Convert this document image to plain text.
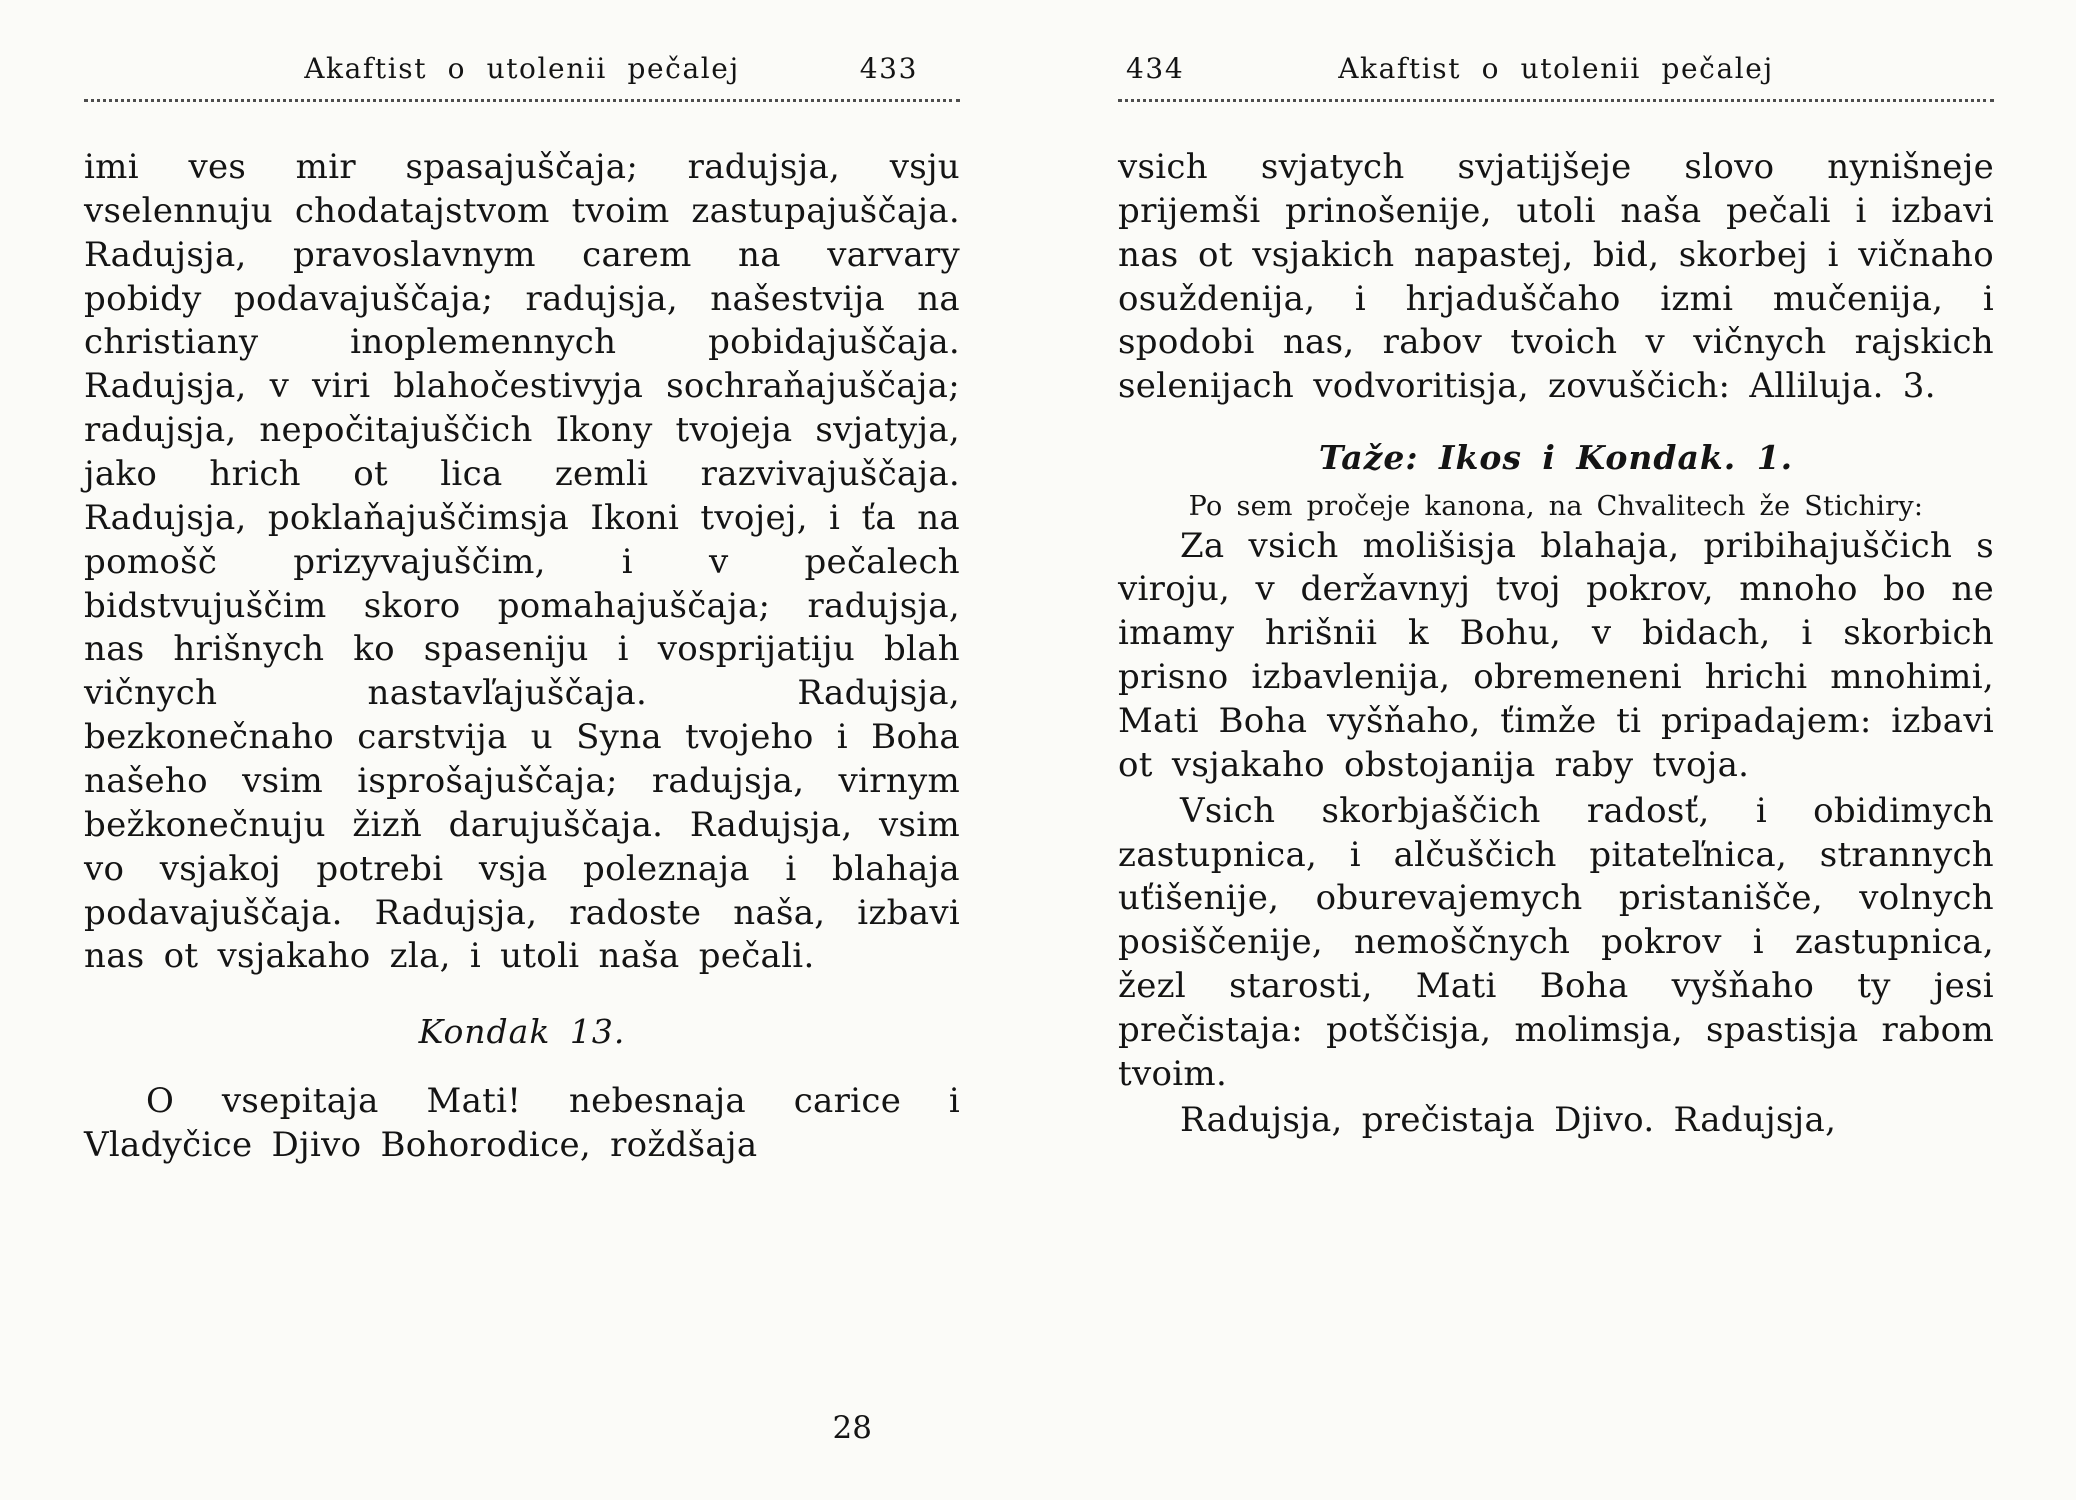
Akaftist o utolenii pečalej	433

imi ves mir spasajuščaja; radujsja, vsju vselennuju chodatajstvom tvoim zastupajuščaja. Radujsja, pravoslavnym carem na varvary pobidy podavajuščaja; radujsja, našestvija na christiany inoplemennych pobidajuščaja. Radujsja, v viri blahočestivyja sochraňajuščaja; radujsja, nepočitajuščich Ikony tvojeja svjatyja, jako hrich ot lica zemli razvivajuščaja. Radujsja, poklaňajuščimsja Ikoni tvojej, i ťa na pomošč prizyvajuščim, i v pečalech bidstvujuščim skoro pomahajuščaja; radujsja, nas hrišnych ko spaseniju i vosprijatiju blah vičnych nastavľajuščaja. Radujsja, bezkonečnaho carstvija u Syna tvojeho i Boha našeho vsim isprošajuščaja; radujsja, virnym bežkonečnuju žizň darujuščaja. Radujsja, vsim vo vsjakoj potrebi vsja poleznaja i blahaja podavajuščaja. Radujsja, radoste naša, izbavi nas ot vsjakaho zla, i utoli naša pečali.

Kondak 13.

O vsepitaja Mati! nebesnaja carice i Vladyčice Djivo Bohorodice, roždšaja

28
434	Akaftist o utolenii pečalej

vsich svjatych svjatijšeje slovo nynišneje prijemši prinošenije, utoli naša pečali i izbavi nas ot vsjakich napastej, bid, skorbej i vičnaho osuždenija, i hrjaduščaho izmi mučenija, i spodobi nas, rabov tvoich v vičnych rajskich selenijach vodvoritisja, zovuščich: Alliluja. 3.

Taže: Ikos i Kondak. 1.

Po sem pročeje kanona, na Chvalitech že Stichiry:

Za vsich molišisja blahaja, pribihajuščich s viroju, v deržavnyj tvoj pokrov, mnoho bo ne imamy hrišnii k Bohu, v bidach, i skorbich prisno izbavlenija, obremeneni hrichi mnohimi, Mati Boha vyšňaho, ťimže ti pripadajem: izbavi ot vsjakaho obstojanija raby tvoja.

Vsich skorbjaščich radosť, i obidimych zastupnica, i alčuščich pitateľnica, strannych uťišenije, oburevajemych pristanišče, volnych posiščenije, nemoščnych pokrov i zastupnica, žezl starosti, Mati Boha vyšňaho ty jesi prečistaja: potščisja, molimsja, spastisja rabom tvoim.

Radujsja, prečistaja Djivo. Radujsja,
